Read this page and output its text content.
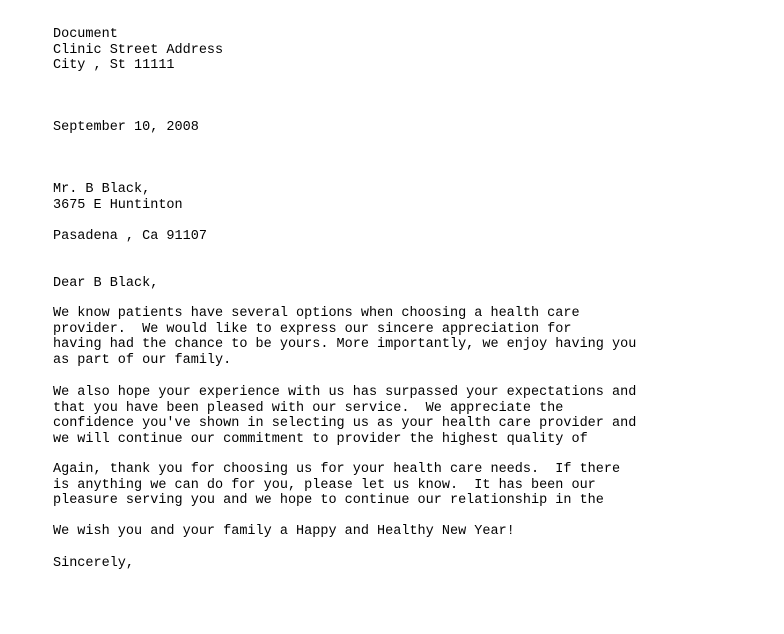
Document
Clinic Street Address
City , St 11111
September 10, 2008
Mr. B Black,
3675 E Huntinton
Pasadena , Ca 91107
Dear B Black,
We know patients have several options when choosing a health care
provider.  We would like to express our sincere appreciation for
having had the chance to be yours. More importantly, we enjoy having you
as part of our family.
We also hope your experience with us has surpassed your expectations and
that you have been pleased with our service.  We appreciate the
confidence you've shown in selecting us as your health care provider and
we will continue our commitment to provider the highest quality of
Again, thank you for choosing us for your health care needs.  If there
is anything we can do for you, please let us know.  It has been our
pleasure serving you and we hope to continue our relationship in the
We wish you and your family a Happy and Healthy New Year!
Sincerely,
